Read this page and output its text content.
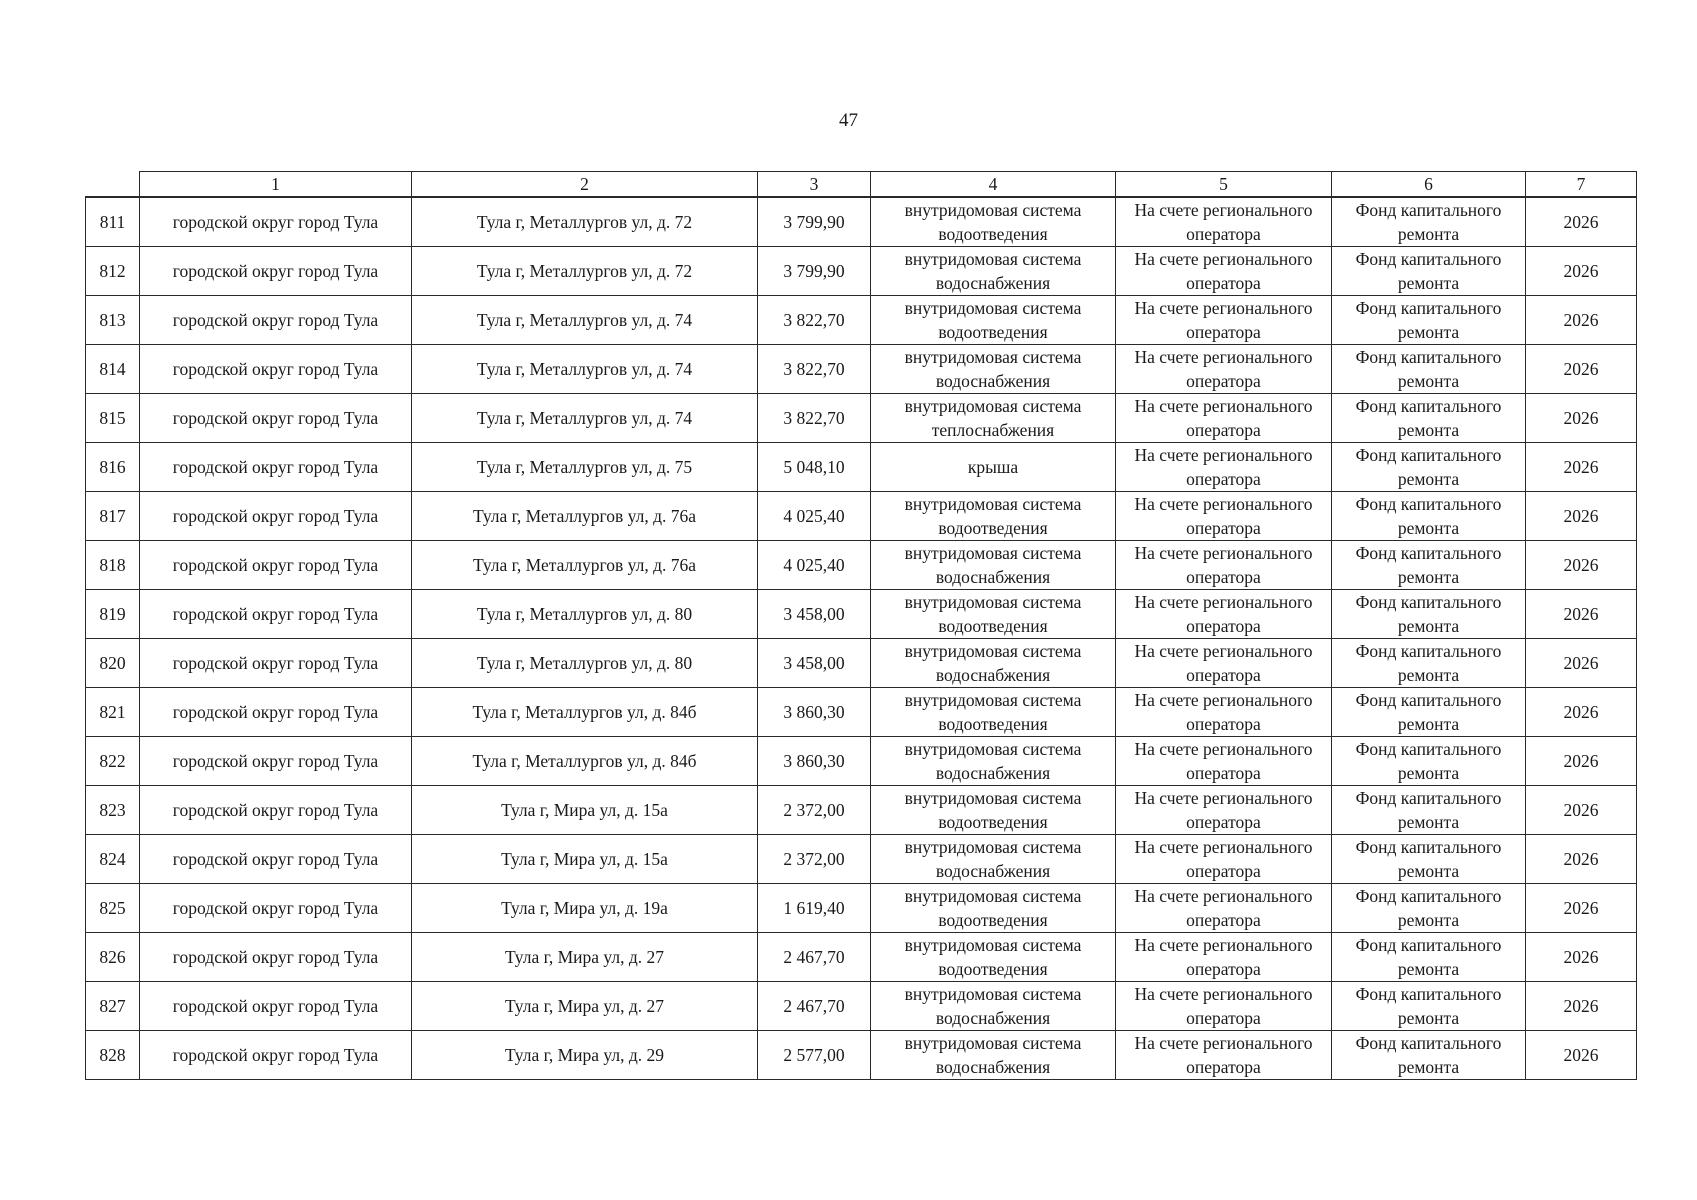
47
	1	2	3	4	5	6	7
811	городской округ город Тула	Тула г, Металлургов ул, д. 72	3 799,90	внутридомовая система водоотведения	На счете регионального оператора	Фонд капитального ремонта	2026
812	городской округ город Тула	Тула г, Металлургов ул, д. 72	3 799,90	внутридомовая система водоснабжения	На счете регионального оператора	Фонд капитального ремонта	2026
813	городской округ город Тула	Тула г, Металлургов ул, д. 74	3 822,70	внутридомовая система водоотведения	На счете регионального оператора	Фонд капитального ремонта	2026
814	городской округ город Тула	Тула г, Металлургов ул, д. 74	3 822,70	внутридомовая система водоснабжения	На счете регионального оператора	Фонд капитального ремонта	2026
815	городской округ город Тула	Тула г, Металлургов ул, д. 74	3 822,70	внутридомовая система теплоснабжения	На счете регионального оператора	Фонд капитального ремонта	2026
816	городской округ город Тула	Тула г, Металлургов ул, д. 75	5 048,10	крыша	На счете регионального оператора	Фонд капитального ремонта	2026
817	городской округ город Тула	Тула г, Металлургов ул, д. 76а	4 025,40	внутридомовая система водоотведения	На счете регионального оператора	Фонд капитального ремонта	2026
818	городской округ город Тула	Тула г, Металлургов ул, д. 76а	4 025,40	внутридомовая система водоснабжения	На счете регионального оператора	Фонд капитального ремонта	2026
819	городской округ город Тула	Тула г, Металлургов ул, д. 80	3 458,00	внутридомовая система водоотведения	На счете регионального оператора	Фонд капитального ремонта	2026
820	городской округ город Тула	Тула г, Металлургов ул, д. 80	3 458,00	внутридомовая система водоснабжения	На счете регионального оператора	Фонд капитального ремонта	2026
821	городской округ город Тула	Тула г, Металлургов ул, д. 84б	3 860,30	внутридомовая система водоотведения	На счете регионального оператора	Фонд капитального ремонта	2026
822	городской округ город Тула	Тула г, Металлургов ул, д. 84б	3 860,30	внутридомовая система водоснабжения	На счете регионального оператора	Фонд капитального ремонта	2026
823	городской округ город Тула	Тула г, Мира ул, д. 15а	2 372,00	внутридомовая система водоотведения	На счете регионального оператора	Фонд капитального ремонта	2026
824	городской округ город Тула	Тула г, Мира ул, д. 15а	2 372,00	внутридомовая система водоснабжения	На счете регионального оператора	Фонд капитального ремонта	2026
825	городской округ город Тула	Тула г, Мира ул, д. 19а	1 619,40	внутридомовая система водоотведения	На счете регионального оператора	Фонд капитального ремонта	2026
826	городской округ город Тула	Тула г, Мира ул, д. 27	2 467,70	внутридомовая система водоотведения	На счете регионального оператора	Фонд капитального ремонта	2026
827	городской округ город Тула	Тула г, Мира ул, д. 27	2 467,70	внутридомовая система водоснабжения	На счете регионального оператора	Фонд капитального ремонта	2026
828	городской округ город Тула	Тула г, Мира ул, д. 29	2 577,00	внутридомовая система водоснабжения	На счете регионального оператора	Фонд капитального ремонта	2026
